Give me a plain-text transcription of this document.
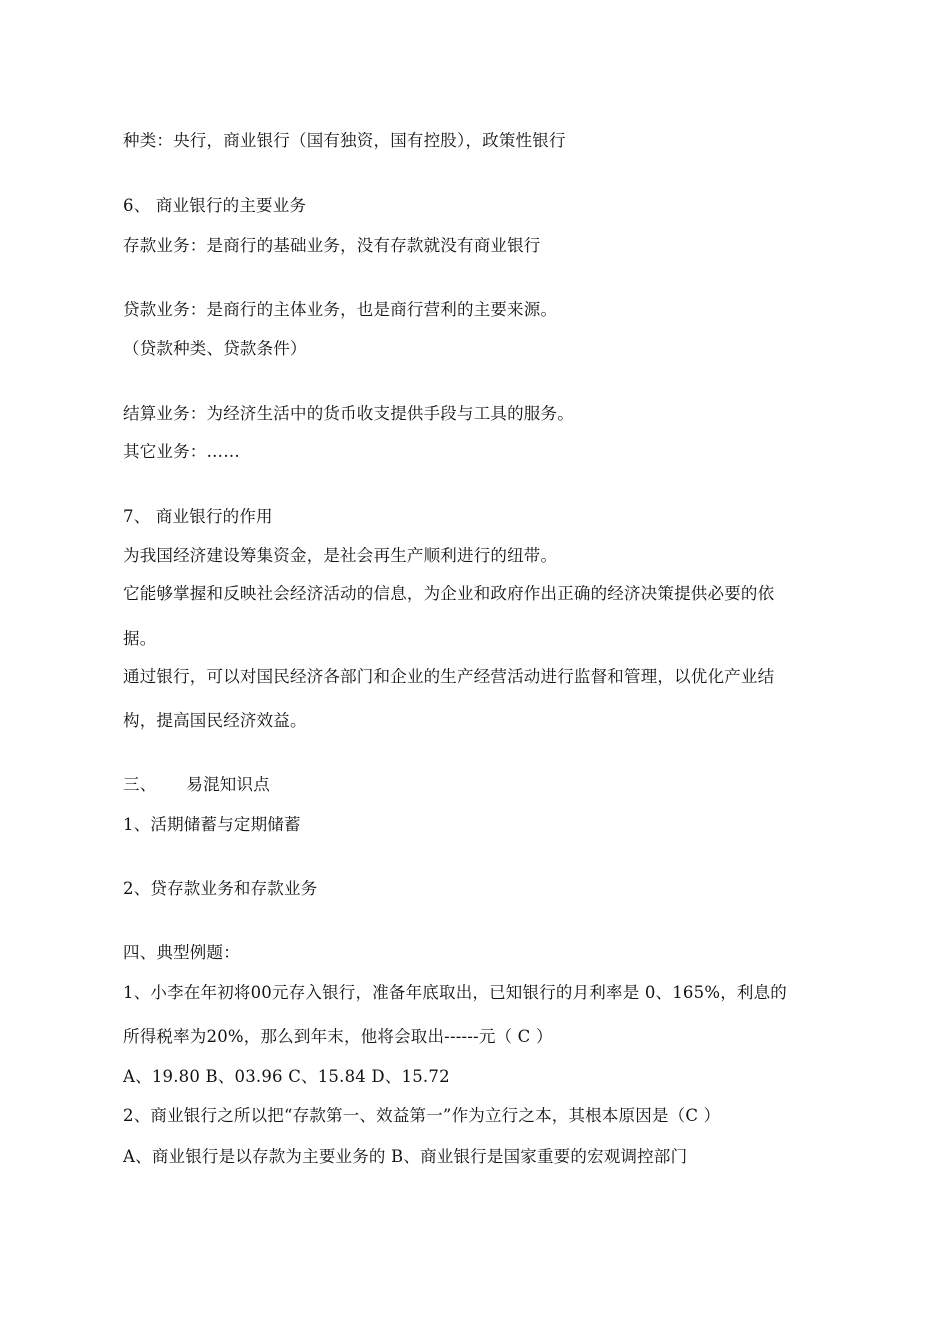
种类：央行，商业银行（国有独资，国有控股），政策性银行
6、 商业银行的主要业务
存款业务：是商行的基础业务，没有存款就没有商业银行
贷款业务：是商行的主体业务，也是商行营利的主要来源。
（贷款种类、贷款条件）
结算业务：为经济生活中的货币收支提供手段与工具的服务。
其它业务：……
7、 商业银行的作用
为我国经济建设筹集资金，是社会再生产顺利进行的纽带。
它能够掌握和反映社会经济活动的信息，为企业和政府作出正确的经济决策提供必要的依
据。
通过银行，可以对国民经济各部门和企业的生产经营活动进行监督和管理，以优化产业结
构，提高国民经济效益。
三、 易混知识点
1、活期储蓄与定期储蓄
2、贷存款业务和存款业务
四、典型例题：
1、小李在年初将00元存入银行，准备年底取出，已知银行的月利率是 0、165%，利息的
所得税率为20%，那么到年末，他将会取出------元（ C ）
A、19.80 B、03.96 C、15.84 D、15.72
2、商业银行之所以把“存款第一、效益第一”作为立行之本，其根本原因是（C ）
A、商业银行是以存款为主要业务的 B、商业银行是国家重要的宏观调控部门
